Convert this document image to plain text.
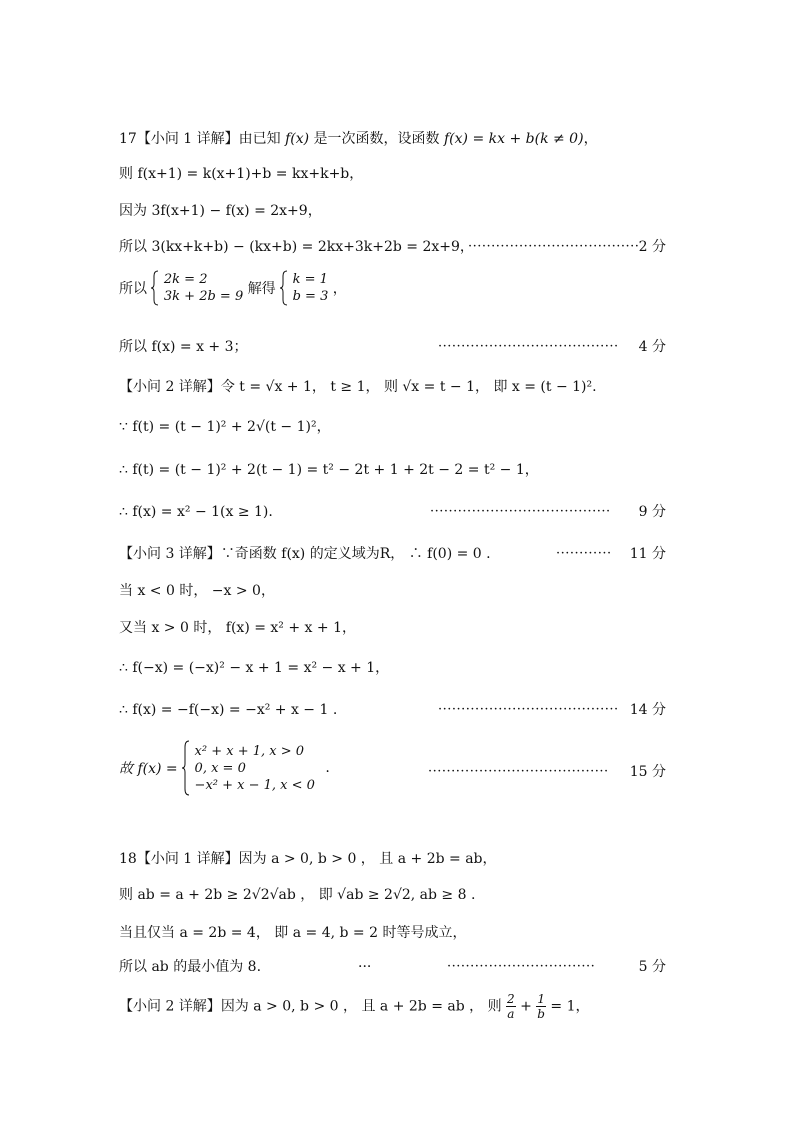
17【小问 1 详解】由已知 f(x) 是一次函数，设函数 f(x) = kx + b(k ≠ 0)，
则 f(x+1) = k(x+1)+b = kx+k+b，
因为 3f(x+1) − f(x) = 2x+9，
所以 3(kx+k+b) − (kx+b) = 2kx+3k+2b = 2x+9，
····································· 2 分
所以  2k = 2
3k + 2b = 9 解得  k = 1
b = 3 ，
所以 f(x) = x + 3；	······································· 4 分
【小问 2 详解】令 t = √x + 1， t ≥ 1， 则 √x = t − 1， 即 x = (t − 1)².
∵ f(t) = (t − 1)² + 2√(t − 1)²，
∴ f(t) = (t − 1)² + 2(t − 1) = t² − 2t + 1 + 2t − 2 = t² − 1，
∴ f(x) = x² − 1(x ≥ 1).	······································· 9 分
【小问 3 详解】∵奇函数 f(x) 的定义域为R， ∴ f(0) = 0 .	············ 11 分
当 x < 0 时， −x > 0，
又当 x > 0 时， f(x) = x² + x + 1，
∴ f(−x) = (−x)² − x + 1 = x² − x + 1，
∴ f(x) = −f(−x) = −x² + x − 1 .	······································· 14 分
故 f(x) =  x² + x + 1, x > 0
0, x = 0
−x² + x − 1, x < 0 .	······································· 15 分
18【小问 1 详解】因为 a > 0, b > 0 ， 且 a + 2b = ab，
则 ab = a + 2b ≥ 2√2√ab ， 即 √ab ≥ 2√2, ab ≥ 8 .
当且仅当 a = 2b = 4， 即 a = 4, b = 2 时等号成立，
所以 ab 的最小值为 8.	···	································	5 分
【小问 2 详解】因为 a > 0, b > 0 ， 且 a + 2b = ab ， 则 $\frac{2}{a} + \frac{1}{b} = 1$，
